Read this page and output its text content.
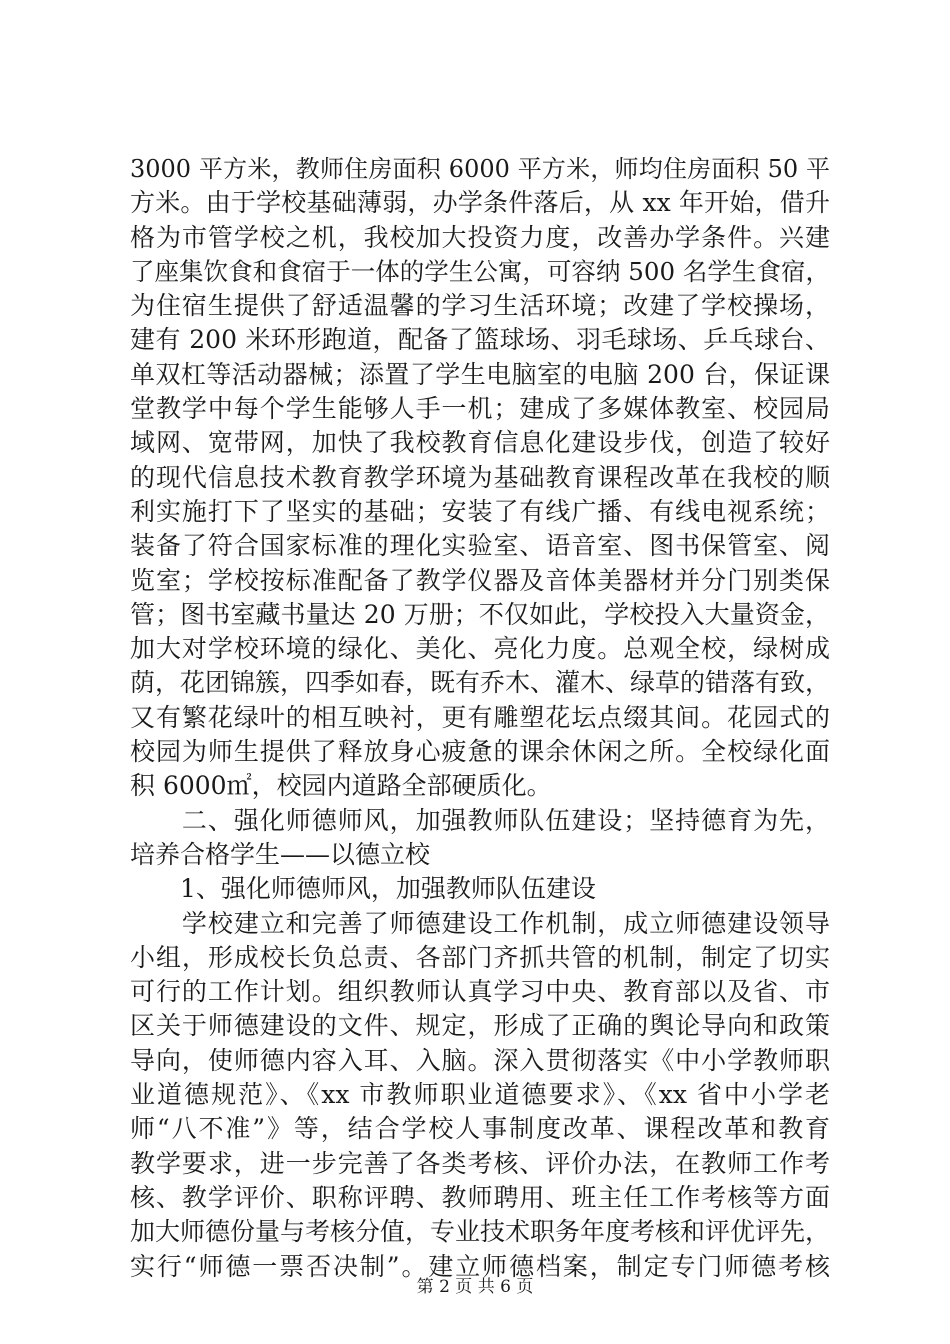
3000 平方米，教师住房面积 6000 平方米，师均住房面积 50 平
方米。由于学校基础薄弱，办学条件落后，从 xx 年开始，借升
格为市管学校之机，我校加大投资力度，改善办学条件。兴建
了座集饮食和食宿于一体的学生公寓，可容纳 500 名学生食宿，
为住宿生提供了舒适温馨的学习生活环境；改建了学校操场，
建有 200 米环形跑道，配备了篮球场、羽毛球场、乒乓球台、
单双杠等活动器械；添置了学生电脑室的电脑 200 台，保证课
堂教学中每个学生能够人手一机；建成了多媒体教室、校园局
域网、宽带网，加快了我校教育信息化建设步伐，创造了较好
的现代信息技术教育教学环境为基础教育课程改革在我校的顺
利实施打下了坚实的基础；安装了有线广播、有线电视系统；
装备了符合国家标准的理化实验室、语音室、图书保管室、阅
览室；学校按标准配备了教学仪器及音体美器材并分门别类保
管；图书室藏书量达 20 万册；不仅如此，学校投入大量资金，
加大对学校环境的绿化、美化、亮化力度。总观全校，绿树成
荫，花团锦簇，四季如春，既有乔木、灌木、绿草的错落有致，
又有繁花绿叶的相互映衬，更有雕塑花坛点缀其间。花园式的
校园为师生提供了释放身心疲惫的课余休闲之所。全校绿化面
积 6000㎡，校园内道路全部硬质化。
　　二、强化师德师风，加强教师队伍建设；坚持德育为先，
培养合格学生——以德立校
　　1、强化师德师风，加强教师队伍建设
　　学校建立和完善了师德建设工作机制，成立师德建设领导
小组，形成校长负总责、各部门齐抓共管的机制，制定了切实
可行的工作计划。组织教师认真学习中央、教育部以及省、市
区关于师德建设的文件、规定，形成了正确的舆论导向和政策
导向，使师德内容入耳、入脑。深入贯彻落实《中小学教师职
业道德规范》、《xx 市教师职业道德要求》、《xx 省中小学老
师“八不准”》等，结合学校人事制度改革、课程改革和教育
教学要求，进一步完善了各类考核、评价办法，在教师工作考
核、教学评价、职称评聘、教师聘用、班主任工作考核等方面
加大师德份量与考核分值，专业技术职务年度考核和评优评先，
实行“师德一票否决制”。建立师德档案，制定专门师德考核
第 2 页 共 6 页
